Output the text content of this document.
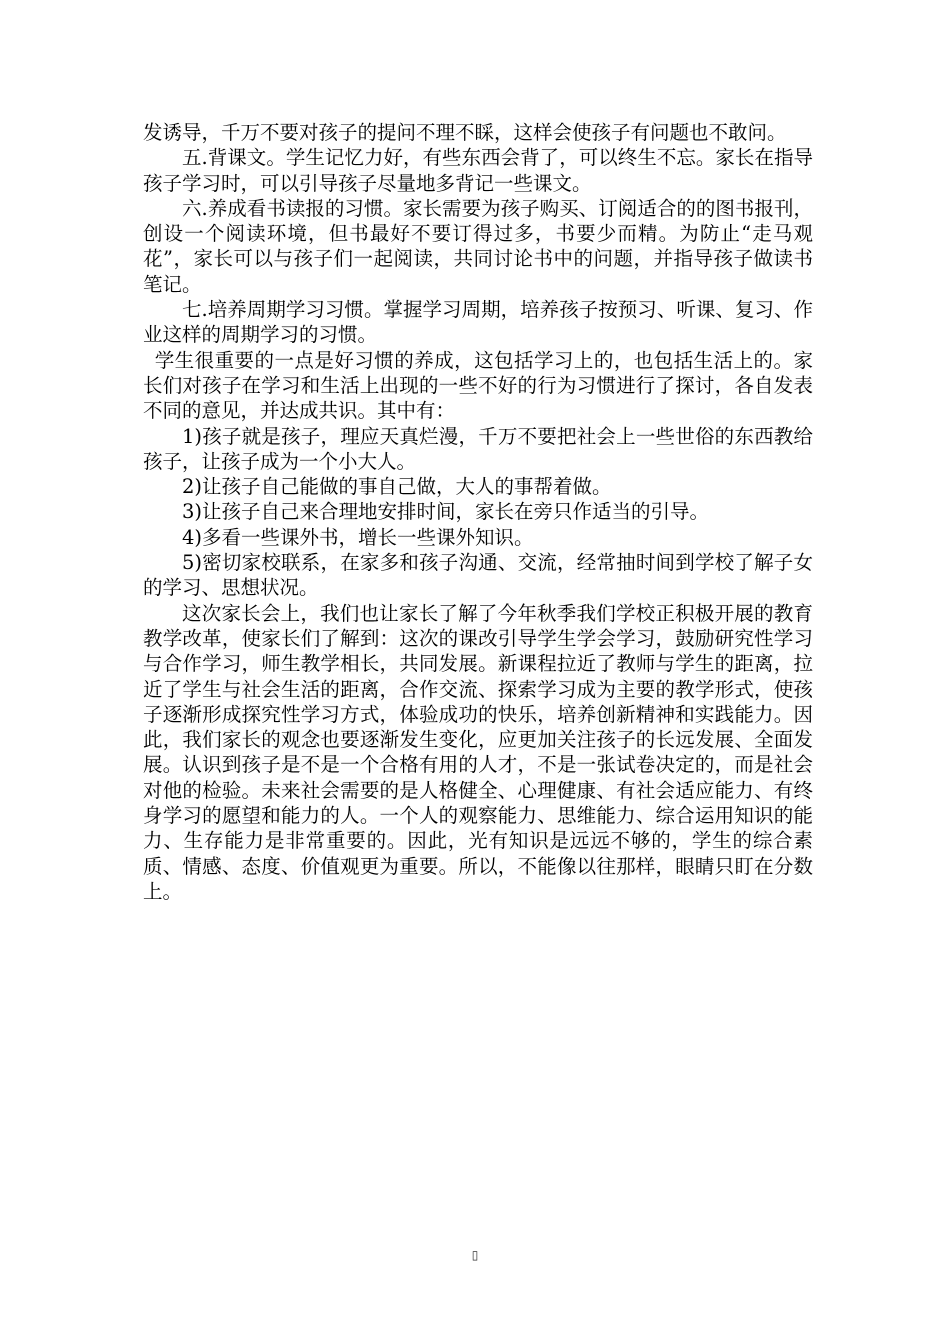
发诱导，千万不要对孩子的提问不理不睬，这样会使孩子有问题也不敢问。

五.背课文。学生记忆力好，有些东西会背了，可以终生不忘。家长在指导孩子学习时，可以引导孩子尽量地多背记一些课文。

六.养成看书读报的习惯。家长需要为孩子购买、订阅适合的的图书报刊，创设一个阅读环境，但书最好不要订得过多，书要少而精。为防止“走马观花”，家长可以与孩子们一起阅读，共同讨论书中的问题，并指导孩子做读书笔记。

七.培养周期学习习惯。掌握学习周期，培养孩子按预习、听课、复习、作业这样的周期学习的习惯。

学生很重要的一点是好习惯的养成，这包括学习上的，也包括生活上的。家长们对孩子在学习和生活上出现的一些不好的行为习惯进行了探讨，各自发表不同的意见，并达成共识。其中有：

1)孩子就是孩子，理应天真烂漫，千万不要把社会上一些世俗的东西教给孩子，让孩子成为一个小大人。

2)让孩子自己能做的事自己做，大人的事帮着做。

3)让孩子自己来合理地安排时间，家长在旁只作适当的引导。

4)多看一些课外书，增长一些课外知识。

5)密切家校联系，在家多和孩子沟通、交流，经常抽时间到学校了解子女的学习、思想状况。

这次家长会上，我们也让家长了解了今年秋季我们学校正积极开展的教育教学改革，使家长们了解到：这次的课改引导学生学会学习，鼓励研究性学习与合作学习，师生教学相长，共同发展。新课程拉近了教师与学生的距离，拉近了学生与社会生活的距离，合作交流、探索学习成为主要的教学形式，使孩子逐渐形成探究性学习方式，体验成功的快乐，培养创新精神和实践能力。因此，我们家长的观念也要逐渐发生变化，应更加关注孩子的长远发展、全面发展。认识到孩子是不是一个合格有用的人才，不是一张试卷决定的，而是社会对他的检验。未来社会需要的是人格健全、心理健康、有社会适应能力、有终身学习的愿望和能力的人。一个人的观察能力、思维能力、综合运用知识的能力、生存能力是非常重要的。因此，光有知识是远远不够的，学生的综合素质、情感、态度、价值观更为重要。所以，不能像以往那样，眼睛只盯在分数上。

▯
